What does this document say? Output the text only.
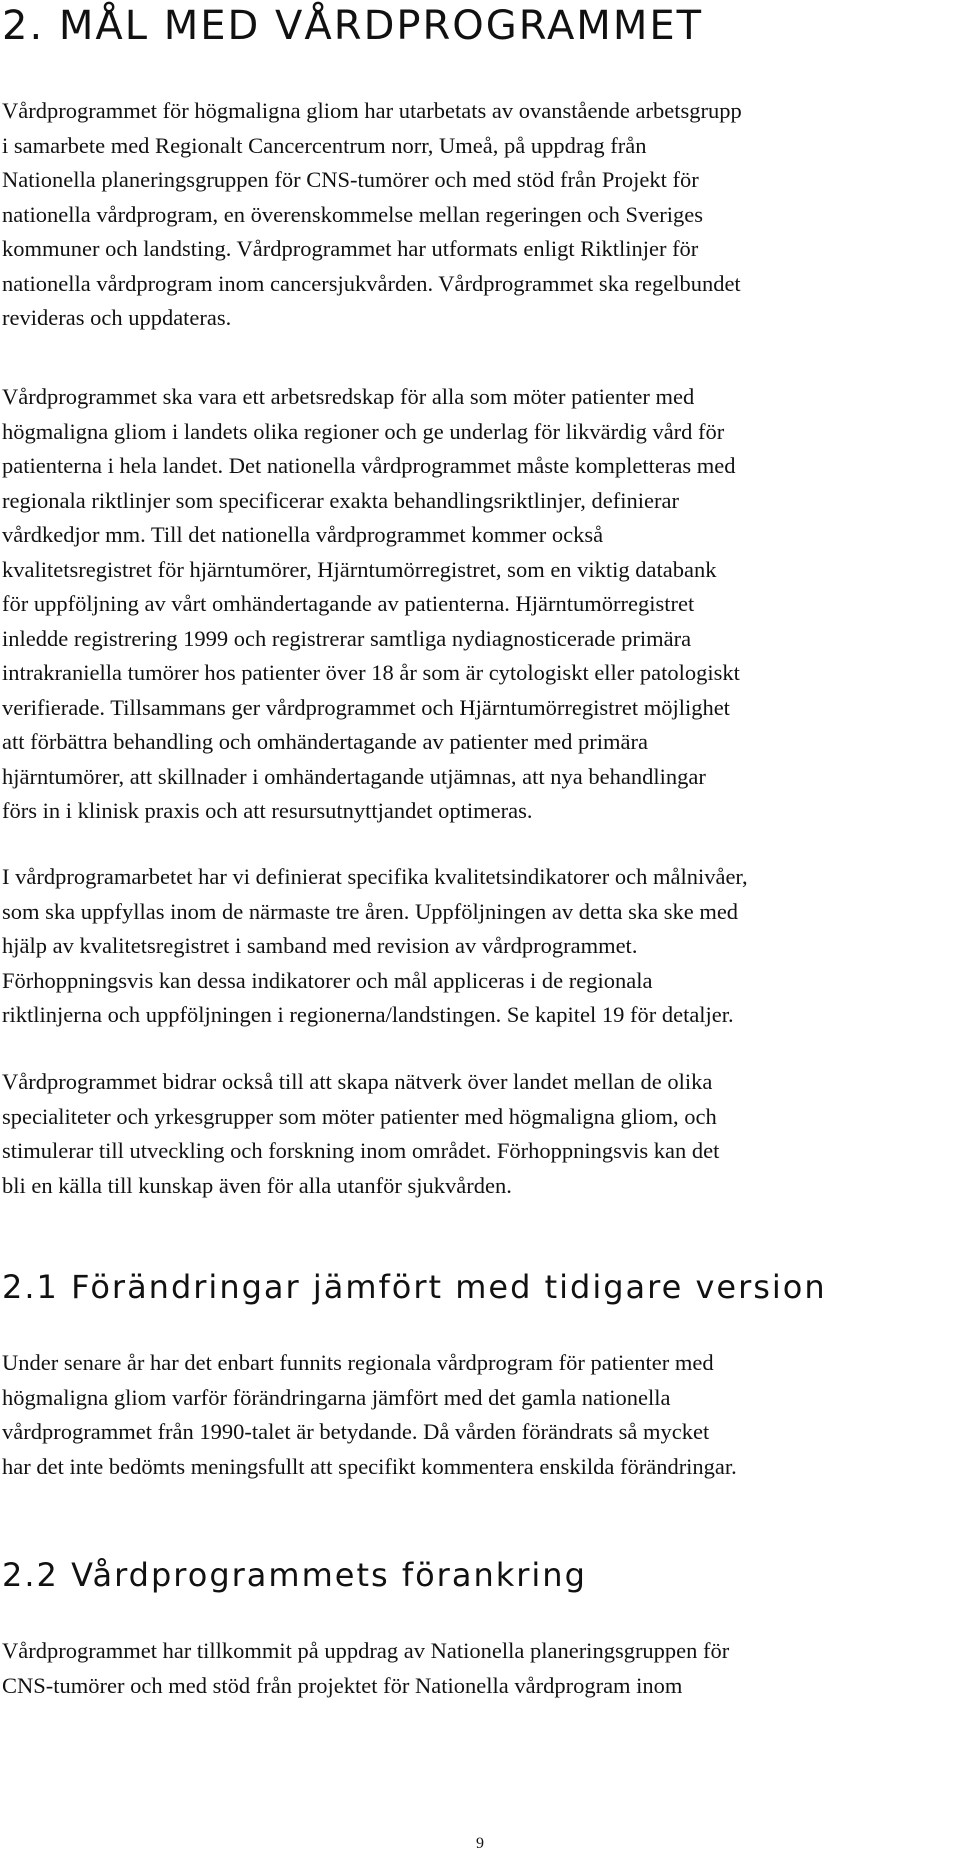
2. MÅL MED VÅRDPROGRAMMET

Vårdprogrammet för högmaligna gliom har utarbetats av ovanstående arbetsgrupp
i samarbete med Regionalt Cancercentrum norr, Umeå, på uppdrag från
Nationella planeringsgruppen för CNS-tumörer och med stöd från Projekt för
nationella vårdprogram, en överenskommelse mellan regeringen och Sveriges
kommuner och landsting. Vårdprogrammet har utformats enligt Riktlinjer för
nationella vårdprogram inom cancersjukvården. Vårdprogrammet ska regelbundet
revideras och uppdateras.

Vårdprogrammet ska vara ett arbetsredskap för alla som möter patienter med
högmaligna gliom i landets olika regioner och ge underlag för likvärdig vård för
patienterna i hela landet. Det nationella vårdprogrammet måste kompletteras med
regionala riktlinjer som specificerar exakta behandlingsriktlinjer, definierar
vårdkedjor mm. Till det nationella vårdprogrammet kommer också
kvalitetsregistret för hjärntumörer, Hjärntumörregistret, som en viktig databank
för uppföljning av vårt omhändertagande av patienterna. Hjärntumörregistret
inledde registrering 1999 och registrerar samtliga nydiagnosticerade primära
intrakraniella tumörer hos patienter över 18 år som är cytologiskt eller patologiskt
verifierade. Tillsammans ger vårdprogrammet och Hjärntumörregistret möjlighet
att förbättra behandling och omhändertagande av patienter med primära
hjärntumörer, att skillnader i omhändertagande utjämnas, att nya behandlingar
förs in i klinisk praxis och att resursutnyttjandet optimeras.

I vårdprogramarbetet har vi definierat specifika kvalitetsindikatorer och målnivåer,
som ska uppfyllas inom de närmaste tre åren. Uppföljningen av detta ska ske med
hjälp av kvalitetsregistret i samband med revision av vårdprogrammet.
Förhoppningsvis kan dessa indikatorer och mål appliceras i de regionala
riktlinjerna och uppföljningen i regionerna/landstingen. Se kapitel 19 för detaljer.

Vårdprogrammet bidrar också till att skapa nätverk över landet mellan de olika
specialiteter och yrkesgrupper som möter patienter med högmaligna gliom, och
stimulerar till utveckling och forskning inom området. Förhoppningsvis kan det
bli en källa till kunskap även för alla utanför sjukvården.

2.1 Förändringar jämfört med tidigare version

Under senare år har det enbart funnits regionala vårdprogram för patienter med
högmaligna gliom varför förändringarna jämfört med det gamla nationella
vårdprogrammet från 1990-talet är betydande. Då vården förändrats så mycket
har det inte bedömts meningsfullt att specifikt kommentera enskilda förändringar.

2.2 Vårdprogrammets förankring

Vårdprogrammet har tillkommit på uppdrag av Nationella planeringsgruppen för
CNS-tumörer och med stöd från projektet för Nationella vårdprogram inom

9
